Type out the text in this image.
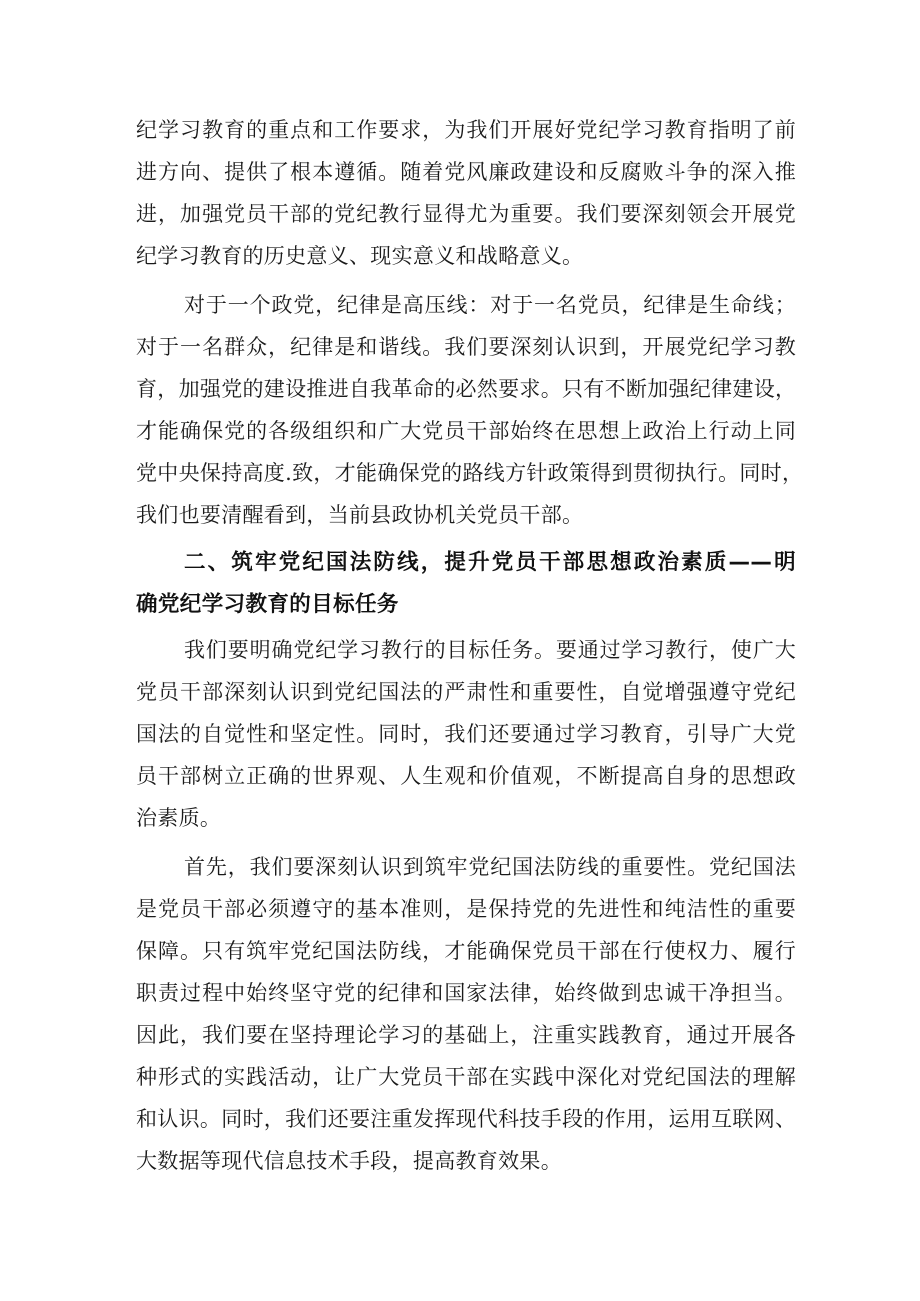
纪学习教育的重点和工作要求，为我们开展好党纪学习教育指明了前
进方向、提供了根本遵循。随着党风廉政建设和反腐败斗争的深入推
进，加强党员干部的党纪教行显得尤为重要。我们要深刻领会开展党
纪学习教育的历史意义、现实意义和战略意义。
对于一个政党，纪律是高压线：对于一名党员，纪律是生命线；
对于一名群众，纪律是和谐线。我们要深刻认识到，开展党纪学习教
育，加强党的建设推进自我革命的必然要求。只有不断加强纪律建设，
才能确保党的各级组织和广大党员干部始终在思想上政治上行动上同
党中央保持高度.致，才能确保党的路线方针政策得到贯彻执行。同时，
我们也要清醒看到，当前县政协机关党员干部。
二、筑牢党纪国法防线，提升党员干部思想政治素质——明
确党纪学习教育的目标任务
我们要明确党纪学习教行的目标任务。要通过学习教行，使广大
党员干部深刻认识到党纪国法的严肃性和重要性，自觉增强遵守党纪
国法的自觉性和坚定性。同时，我们还要通过学习教育，引导广大党
员干部树立正确的世界观、人生观和价值观，不断提高自身的思想政
治素质。
首先，我们要深刻认识到筑牢党纪国法防线的重要性。党纪国法
是党员干部必须遵守的基本准则，是保持党的先进性和纯洁性的重要
保障。只有筑牢党纪国法防线，才能确保党员干部在行使权力、履行
职责过程中始终坚守党的纪律和国家法律，始终做到忠诚干净担当。
因此，我们要在坚持理论学习的基础上，注重实践教育，通过开展各
种形式的实践活动，让广大党员干部在实践中深化对党纪国法的理解
和认识。同时，我们还要注重发挥现代科技手段的作用，运用互联网、
大数据等现代信息技术手段，提高教育效果。
